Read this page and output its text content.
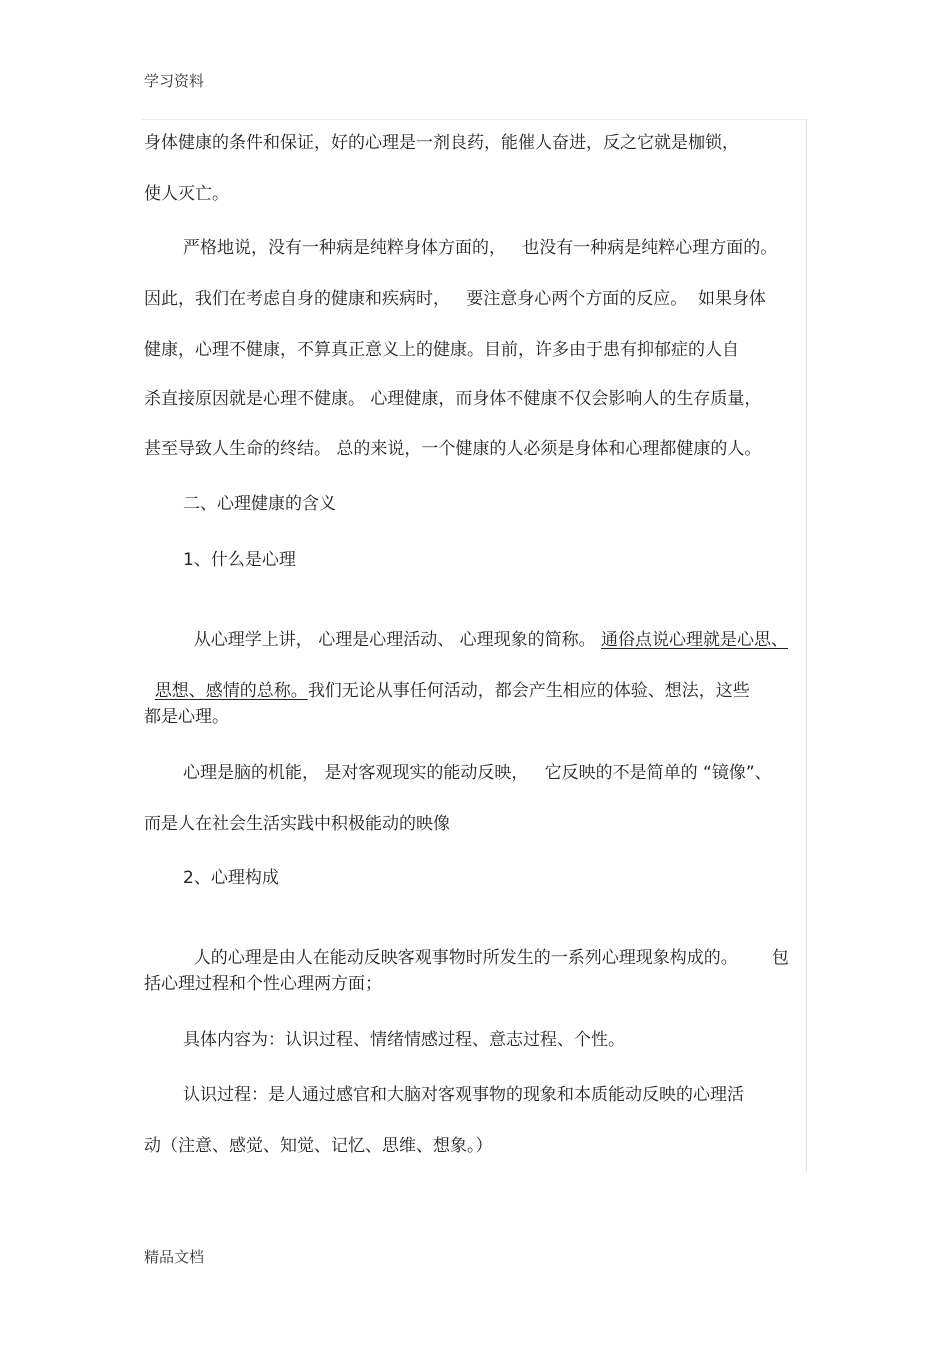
学习资料
身体健康的条件和保证，好的心理是一剂良药，能催人奋进，反之它就是枷锁，
使人灭亡。
严格地说，没有一种病是纯粹身体方面的，   也没有一种病是纯粹心理方面的。
因此，我们在考虑自身的健康和疾病时，   要注意身心两个方面的反应。  如果身体
健康，心理不健康，不算真正意义上的健康。目前，许多由于患有抑郁症的人自
杀直接原因就是心理不健康。 心理健康，而身体不健康不仅会影响人的生存质量，
甚至导致人生命的终结。 总的来说，一个健康的人必须是身体和心理都健康的人。
二、心理健康的含义
1、什么是心理

从心理学上讲， 心理是心理活动、 心理现象的简称。 通俗点说心理就是心思、

思想、感情的总称。我们无论从事任何活动，都会产生相应的体验、想法，这些

都是心理。
心理是脑的机能， 是对客观现实的能动反映，   它反映的不是简单的 “镜像”、
而是人在社会生活实践中积极能动的映像
2、心理构成

人的心理是由人在能动反映客观事物时所发生的一系列心理现象构成的。 包

括心理过程和个性心理两方面；
具体内容为：认识过程、情绪情感过程、意志过程、个性。
认识过程：是人通过感官和大脑对客观事物的现象和本质能动反映的心理活
动（注意、感觉、知觉、记忆、思维、想象。）
精品文档
